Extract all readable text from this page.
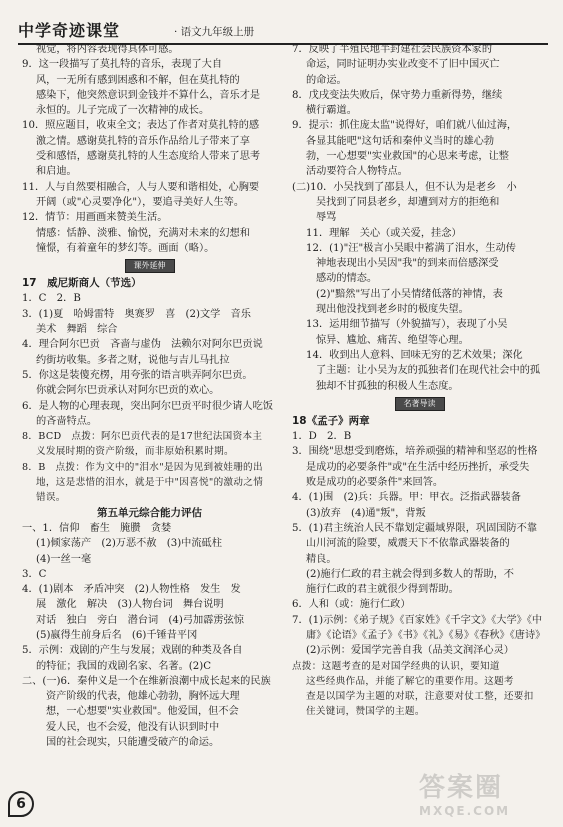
中学奇迹课堂	· 语文九年级上册
视觉，将内容表现得具体可感。
9．这一段描写了莫扎特的音乐，表现了大自
风，一无所有感到困惑和不解，但在莫扎特的
感染下，他突然意识到金钱并不算什么，音乐才是
永恒的。儿子完成了一次精神的成长。
10．照应题目，收束全文；表达了作者对莫扎特的感
激之情。感谢莫扎特的音乐作品给儿子带来了享
受和感悟，感谢莫扎特的人生态度给人带来了思考
和启迪。
11．人与自然要相融合，人与人要和谐相处，心胸要
开阔（或"心灵要净化"），要追寻美好人生等。
12．情节：用画画来赞美生活。
情感：恬静、淡雅、愉悦，充满对未来的幻想和
憧憬，有着童年的梦幻等。画面（略）。
课外延伸
17　威尼斯商人（节选）
1．C　2．B
3．(1)夏　哈姆雷特　奥赛罗　喜　(2)文学　音乐
美术　舞蹈　综合
4．理合阿尔巴贡　吝啬与虚伪　法赖尔对阿尔巴贡说
约街坊收集。多者之财，说他与吉儿马扎拉
5．你这是装傻充楞，用夸张的语言哄弄阿尔巴贡。
你就会阿尔巴贡承认对阿尔巴贡的欢心。
6．是人物的心理表现，突出阿尔巴贡平时很少请人吃饭
的吝啬特点。
8．BCD　点拨：阿尔巴贡代表的是17世纪法国资本主
义发展时期的资产阶级，而非原始积累时期。
8．B　点拨：作为文中的"泪水"是因为见到被娃珊的出
地，这是悲惜的泪水，就是于中"因喜悦"的激动之情
错误。
第五单元综合能力评估
一、1．信仰　畜生　腌臜　贪婪
(1)倾家荡产　(2)万恶不赦　(3)中流砥柱
(4)一丝一毫
3．C
4．(1)剧本　矛盾冲突　(2)人物性格　发生　发
展　激化　解决　(3)人物台词　舞台说明
对话　独白　旁白　潜台词　(4)弓加霹雳弦惊
(5)嬴得生前身后名　(6)千锤昔平冈
5．示例：戏剧的产生与发展；戏剧的种类及各自
的特征；我国的戏剧名家、名著。(2)C
二、(一)6．秦仲义是一个在维新浪潮中成长起来的民族
资产阶级的代表，他雄心勃勃，胸怀远大理
想，一心想要"实业救国"。他爱国，但不会
爱人民，也不会爱，他没有认识到时中
国的社会现实，只能遭受破产的命运。
7．反映了半殖民地半封建社会民族资本家的
命运，同时证明办实业改变不了旧中国灭亡
的命运。
8．戊戌变法失败后，保守势力重新得势，继续
横行霸道。
9．提示：抓住庞太监"说得好，咱们就八仙过海，
各显其能吧"这句话和秦仲义当时的雄心勃
勃，一心想要"实业救国"的心思来考虑，让整
活动要符合人物特点。
(二)10．小吴找到了邵县人，但不认为是老乡　小
吴找到了同县老乡，却遭到对方的拒绝和
辱骂
11．理解　关心（或关爱，挂念）
12．(1)"汪"极言小吴眼中蓄满了泪水，生动传
神地表现出小吴因"我"的到来而倍感深受
感动的情态。
(2)"黯然"写出了小吴情绪低落的神情，表
现出他没找到老乡时的极度失望。
13．运用细节描写（外貌描写），表现了小吴
惊异、尴尬、痛苦、绝望等心理。
14．收到出人意料、回味无穷的艺术效果；深化
了主题：让小吴为友的孤独者们在现代社会中的孤
独却不甘孤独的积极人生态度。
名著导读
18《孟子》两章
1．D　2．B
3．围绕"思想受到磨炼，培养顽强的精神和坚忍的性格
是成功的必要条件"或"在生活中经历挫折，承受失
败是成功的必要条件"来回答。
4．(1)围　(2)兵：兵器。甲：甲衣。泛指武器装备
(3)放弃　(4)通"叛"，背叛
5．(1)君主统治人民不靠划定疆域界限，巩固国防不靠
山川河流的险要，威震天下不依靠武器装备的
精良。
(2)施行仁政的君主就会得到多数人的帮助，不
施行仁政的君主就很少得到帮助。
6．人和（或：施行仁政）
7．(1)示例：《弟子规》《百家姓》《千字文》《大学》《中
庸》《论语》《孟子》《书》《礼》《易》《春秋》《唐诗》
(2)示例：爱国学完善自我（品美文润泽心灵）
点拨：这题考查的是对国学经典的认识，要知道
这些经典作品，并能了解它的重要作用。这题考
查是以国学为主题的对联，注意要对仗工整，还要扣
住关键词，赞国学的主题。
6
答案圈
MXQE.COM
